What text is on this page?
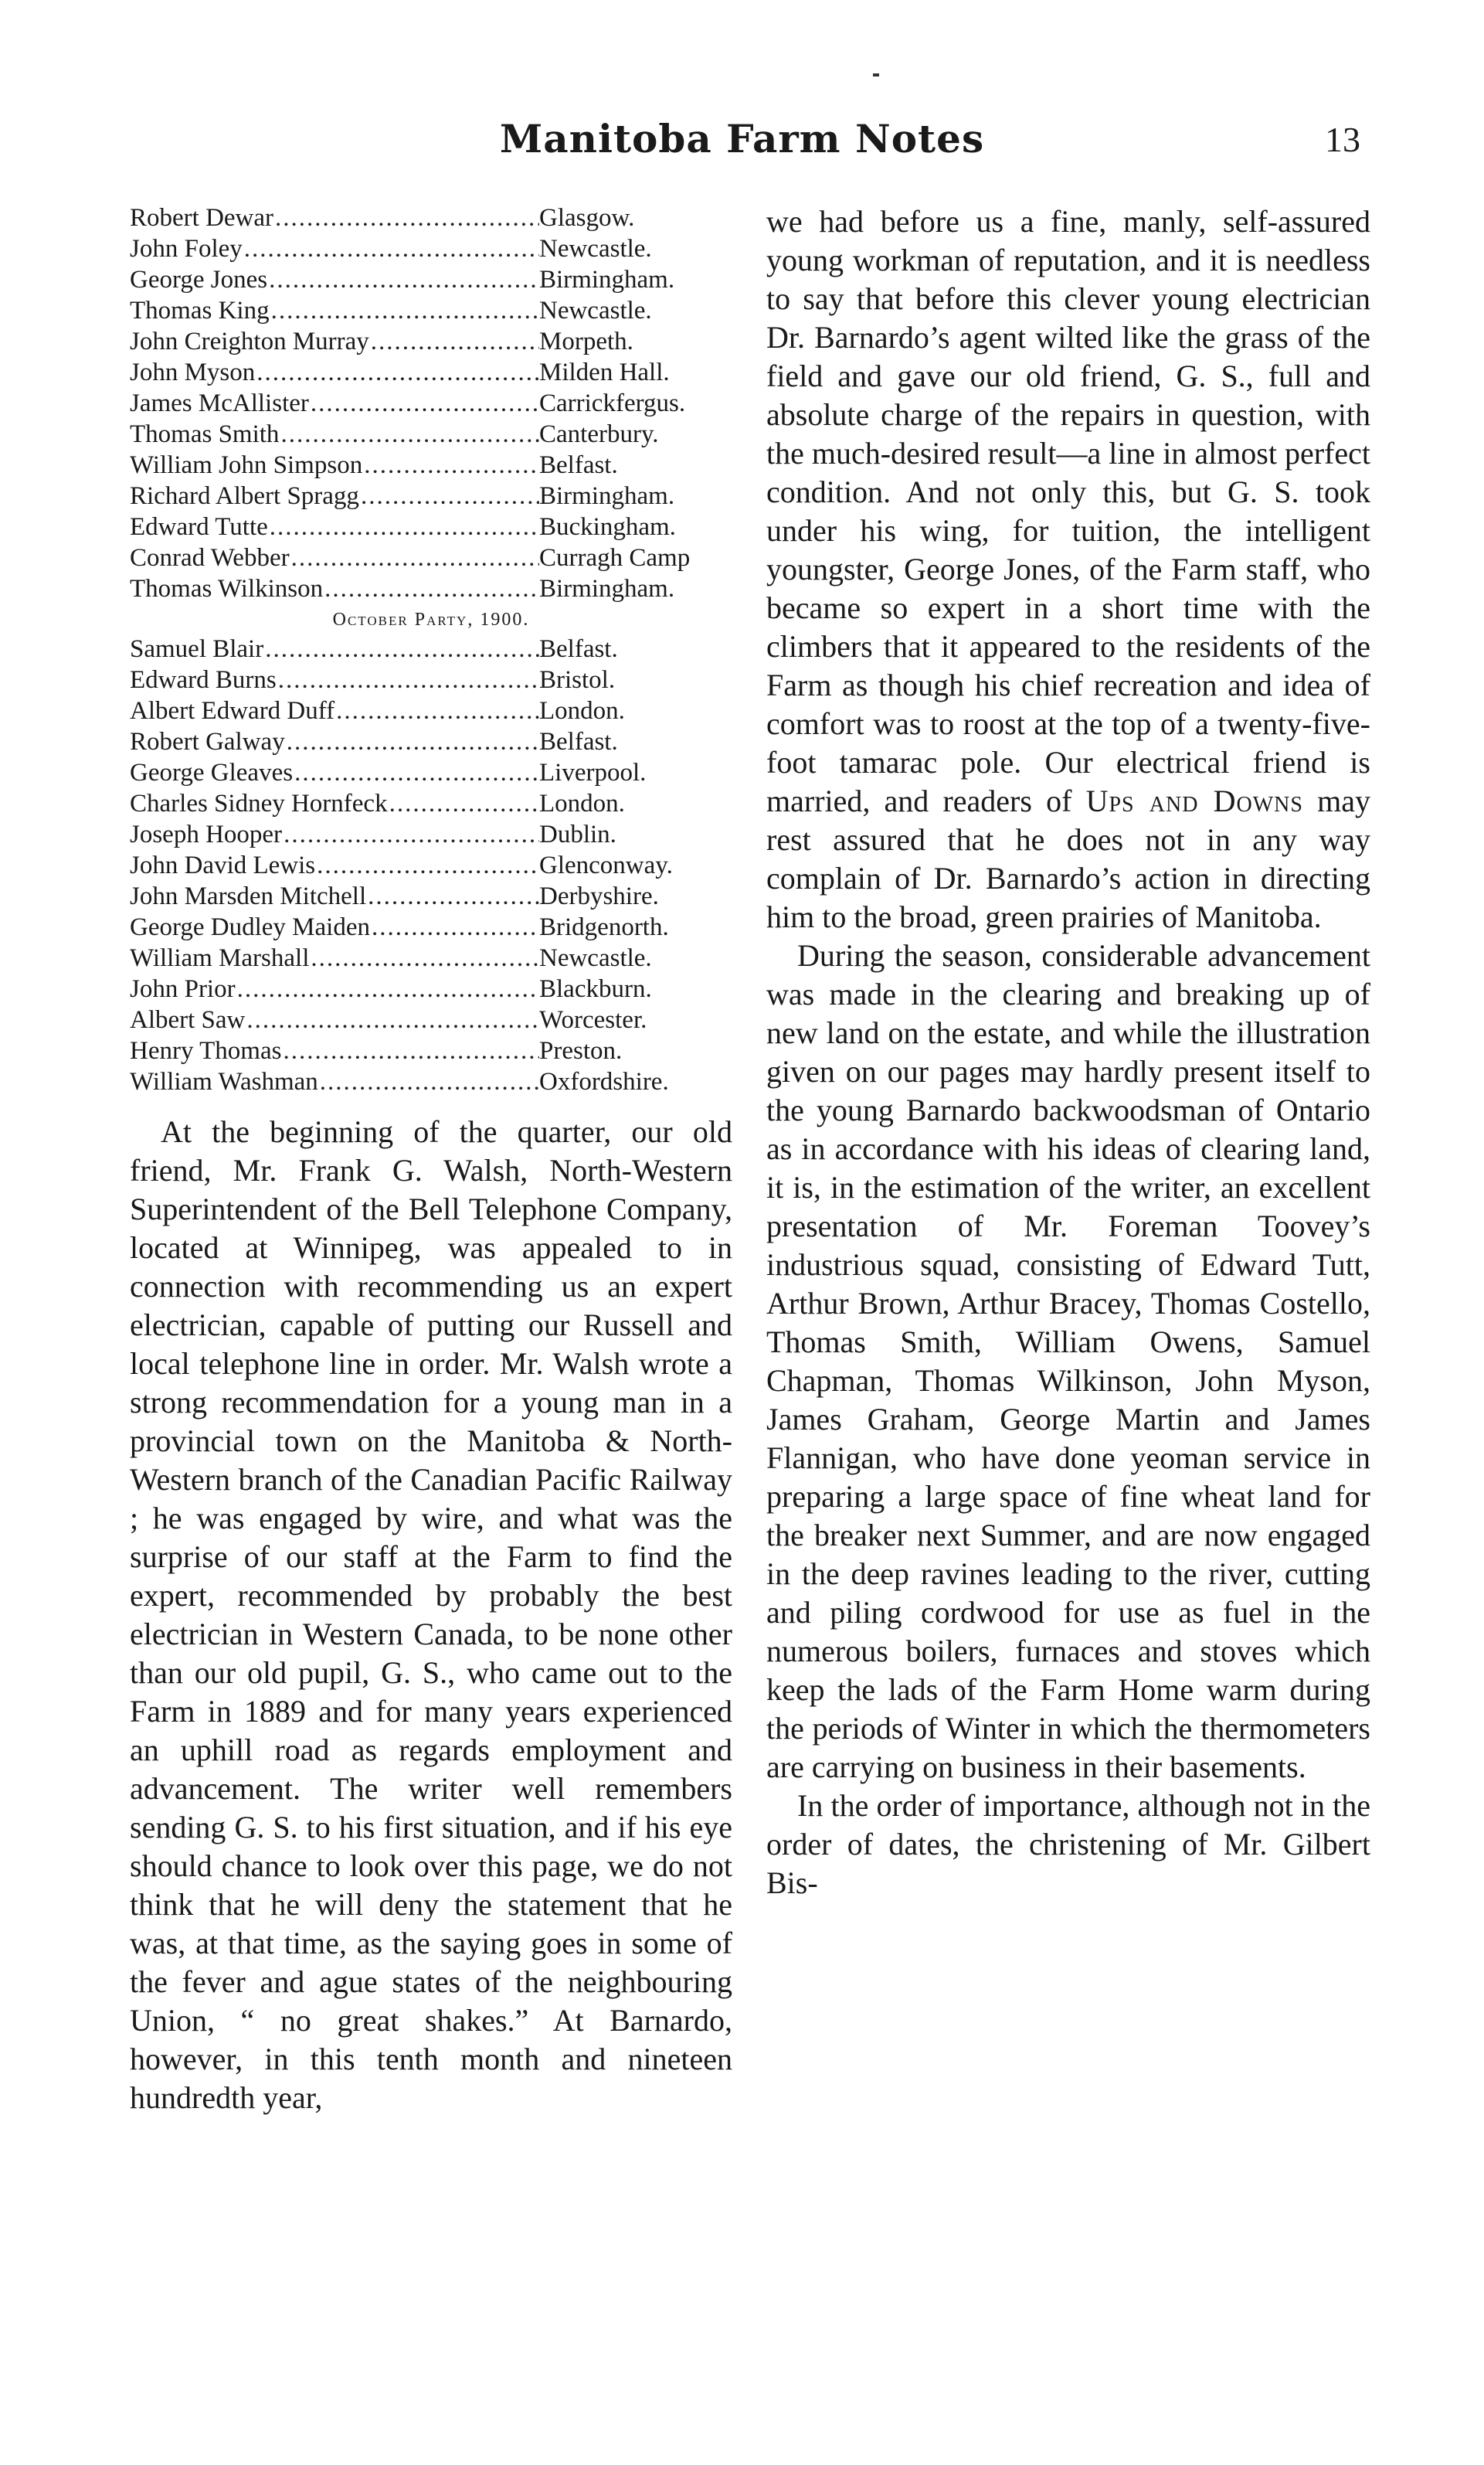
Manitoba Farm Notes	13
Robert Dewar .....	Glasgow.
John Foley .....	Newcastle.
George Jones .....	Birmingham.
Thomas King .....	Newcastle.
John Creighton Murray .....	Morpeth.
John Myson .....	Milden Hall.
James McAllister .....	Carrickfergus.
Thomas Smith .....	Canterbury.
William John Simpson .....	Belfast.
Richard Albert Spragg .....	Birmingham.
Edward Tutte .....	Buckingham.
Conrad Webber .....	Curragh Camp
Thomas Wilkinson .....	Birmingham.
October Party, 1900.
Samuel Blair .....	Belfast.
Edward Burns .....	Bristol.
Albert Edward Duff .....	London.
Robert Galway .....	Belfast.
George Gleaves .....	Liverpool.
Charles Sidney Hornfeck .....	London.
Joseph Hooper .....	Dublin.
John David Lewis .....	Glenconway.
John Marsden Mitchell .....	Derbyshire.
George Dudley Maiden .....	Bridgenorth.
William Marshall .....	Newcastle.
John Prior .....	Blackburn.
Albert Saw .....	Worcester.
Henry Thomas .....	Preston.
William Washman .....	Oxfordshire.

At the beginning of the quarter, our old friend, Mr. Frank G. Walsh, North-Western Superintendent of the Bell Telephone Company, located at Winnipeg, was appealed to in connection with recommending us an expert electrician, capable of putting our Russell and local telephone line in order. Mr. Walsh wrote a strong recommendation for a young man in a provincial town on the Manitoba & North-Western branch of the Canadian Pacific Railway ; he was engaged by wire, and what was the surprise of our staff at the Farm to find the expert, recommended by probably the best electrician in Western Canada, to be none other than our old pupil, G. S., who came out to the Farm in 1889 and for many years experienced an uphill road as regards employment and advancement. The writer well remembers sending G. S. to his first situation, and if his eye should chance to look over this page, we do not think that he will deny the statement that he was, at that time, as the saying goes in some of the fever and ague states of the neighbouring Union, “ no great shakes.” At Barnardo, however, in this tenth month and nineteen hundredth year,

we had before us a fine, manly, self-assured young workman of reputation, and it is needless to say that before this clever young electrician Dr. Barnardo’s agent wilted like the grass of the field and gave our old friend, G. S., full and absolute charge of the repairs in question, with the much-desired result—a line in almost perfect condition. And not only this, but G. S. took under his wing, for tuition, the intelligent youngster, George Jones, of the Farm staff, who became so expert in a short time with the climbers that it appeared to the residents of the Farm as though his chief recreation and idea of comfort was to roost at the top of a twenty-five-foot tamarac pole. Our electrical friend is married, and readers of Ups and Downs may rest assured that he does not in any way complain of Dr. Barnardo’s action in directing him to the broad, green prairies of Manitoba.

During the season, considerable advancement was made in the clearing and breaking up of new land on the estate, and while the illustration given on our pages may hardly present itself to the young Barnardo backwoodsman of Ontario as in accordance with his ideas of clearing land, it is, in the estimation of the writer, an excellent presentation of Mr. Foreman Toovey’s industrious squad, consisting of Edward Tutt, Arthur Brown, Arthur Bracey, Thomas Costello, Thomas Smith, William Owens, Samuel Chapman, Thomas Wilkinson, John Myson, James Graham, George Martin and James Flannigan, who have done yeoman service in preparing a large space of fine wheat land for the breaker next Summer, and are now engaged in the deep ravines leading to the river, cutting and piling cordwood for use as fuel in the numerous boilers, furnaces and stoves which keep the lads of the Farm Home warm during the periods of Winter in which the thermometers are carrying on business in their basements.

In the order of importance, although not in the order of dates, the christening of Mr. Gilbert Bis-
